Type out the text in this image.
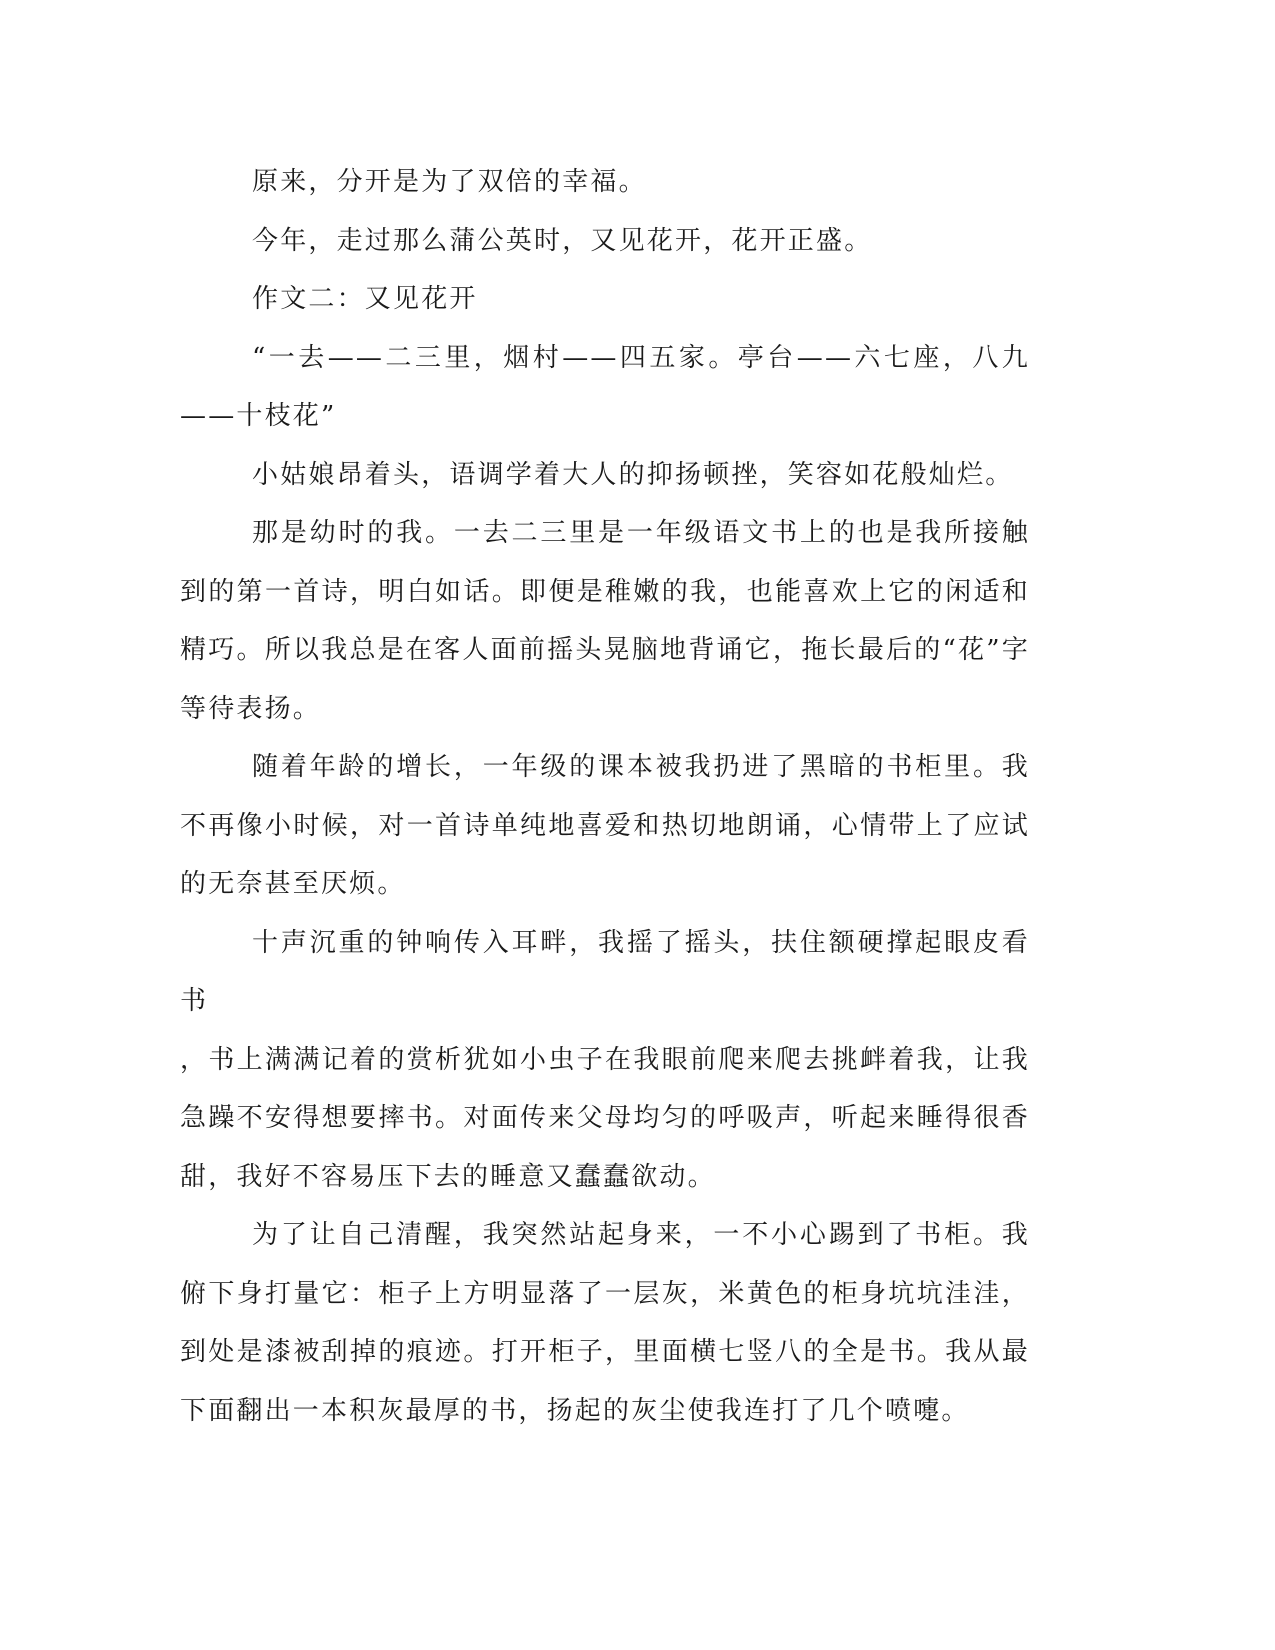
原来，分开是为了双倍的幸福。

今年，走过那么蒲公英时，又见花开，花开正盛。

作文二：又见花开

“一去——二三里，烟村——四五家。亭台——六七座，八九——十枝花”

小姑娘昂着头，语调学着大人的抑扬顿挫，笑容如花般灿烂。

那是幼时的我。一去二三里是一年级语文书上的也是我所接触到的第一首诗，明白如话。即便是稚嫩的我，也能喜欢上它的闲适和精巧。所以我总是在客人面前摇头晃脑地背诵它，拖长最后的“花”字等待表扬。

随着年龄的增长，一年级的课本被我扔进了黑暗的书柜里。我不再像小时候，对一首诗单纯地喜爱和热切地朗诵，心情带上了应试的无奈甚至厌烦。

十声沉重的钟响传入耳畔，我摇了摇头，扶住额硬撑起眼皮看书

，书上满满记着的赏析犹如小虫子在我眼前爬来爬去挑衅着我，让我急躁不安得想要摔书。对面传来父母均匀的呼吸声，听起来睡得很香甜，我好不容易压下去的睡意又蠢蠢欲动。

为了让自己清醒，我突然站起身来，一不小心踢到了书柜。我俯下身打量它：柜子上方明显落了一层灰，米黄色的柜身坑坑洼洼，到处是漆被刮掉的痕迹。打开柜子，里面横七竖八的全是书。我从最下面翻出一本积灰最厚的书，扬起的灰尘使我连打了几个喷嚏。
